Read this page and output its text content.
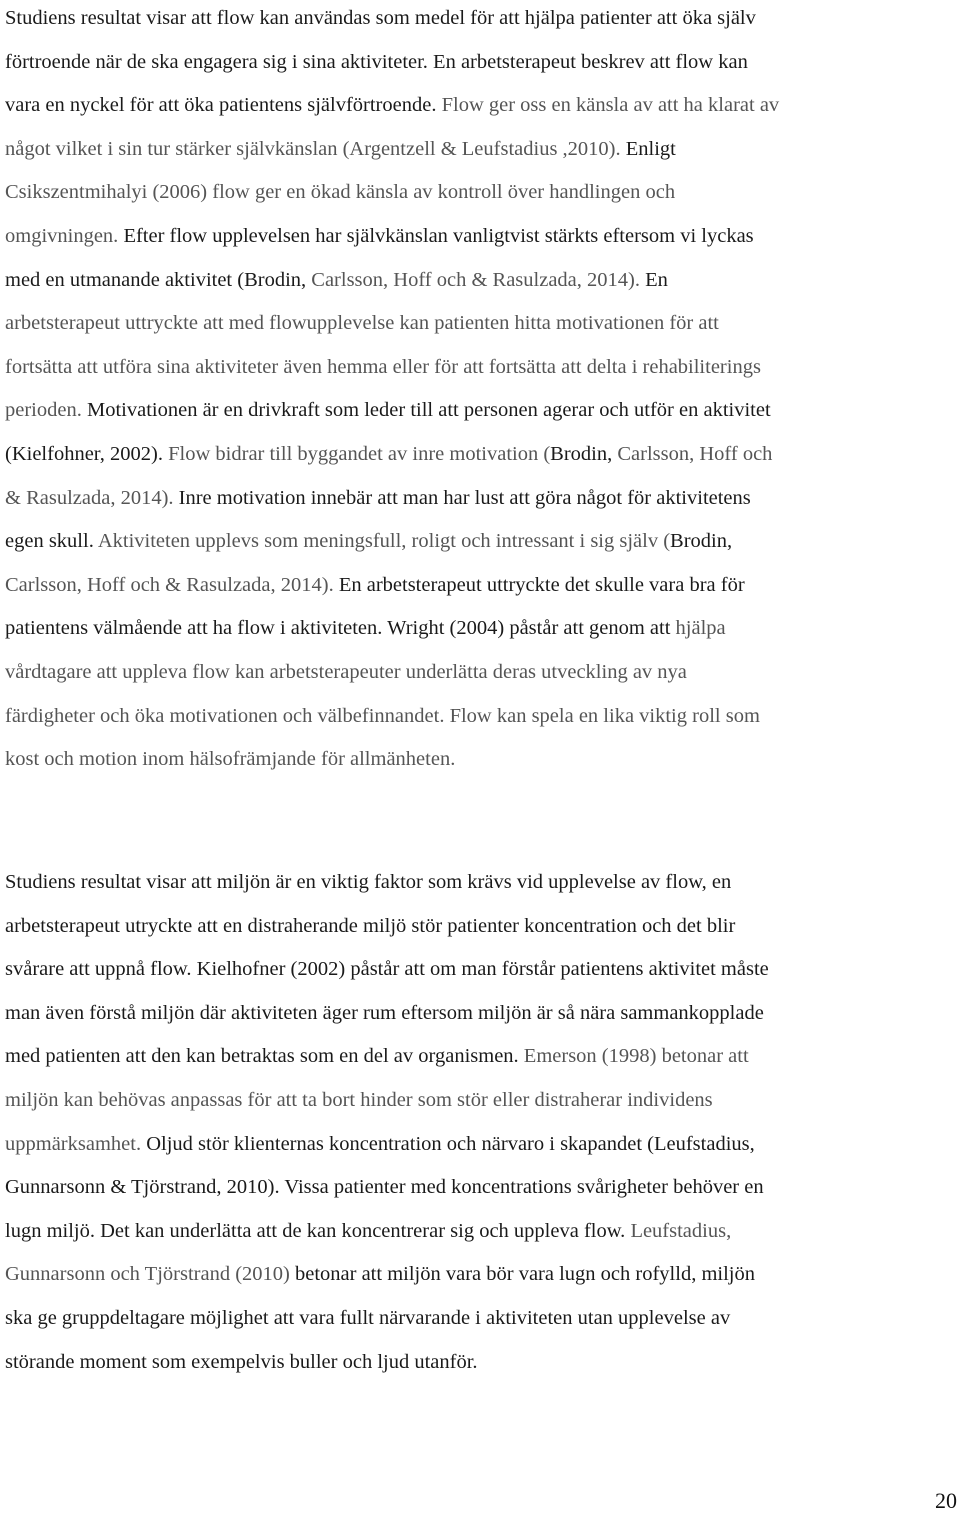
Studiens resultat visar att flow kan användas som medel för att hjälpa patienter att öka själv
förtroende när de ska engagera sig i sina aktiviteter. En arbetsterapeut beskrev att flow kan
vara en nyckel för att öka patientens självförtroende. Flow ger oss en känsla av att ha klarat av
något vilket i sin tur stärker självkänslan (Argentzell & Leufstadius ,2010). Enligt
Csikszentmihalyi (2006) flow ger en ökad känsla av kontroll över handlingen och
omgivningen. Efter flow upplevelsen har självkänslan vanligtvist stärkts eftersom vi lyckas
med en utmanande aktivitet (Brodin, Carlsson, Hoff och & Rasulzada, 2014). En
arbetsterapeut uttryckte att med flowupplevelse kan patienten hitta motivationen för att
fortsätta att utföra sina aktiviteter även hemma eller för att fortsätta att delta i rehabiliterings
perioden. Motivationen är en drivkraft som leder till att personen agerar och utför en aktivitet
(Kielfohner, 2002). Flow bidrar till byggandet av inre motivation (Brodin, Carlsson, Hoff och
& Rasulzada, 2014). Inre motivation innebär att man har lust att göra något för aktivitetens
egen skull. Aktiviteten upplevs som meningsfull, roligt och intressant i sig själv (Brodin,
Carlsson, Hoff och & Rasulzada, 2014). En arbetsterapeut uttryckte det skulle vara bra för
patientens välmående att ha flow i aktiviteten. Wright (2004) påstår att genom att hjälpa
vårdtagare att uppleva flow kan arbetsterapeuter underlätta deras utveckling av nya
färdigheter och öka motivationen och välbefinnandet. Flow kan spela en lika viktig roll som
kost och motion inom hälsofrämjande för allmänheten.

Studiens resultat visar att miljön är en viktig faktor som krävs vid upplevelse av flow, en
arbetsterapeut utryckte att en distraherande miljö stör patienter koncentration och det blir
svårare att uppnå flow. Kielhofner (2002) påstår att om man förstår patientens aktivitet måste
man även förstå miljön där aktiviteten äger rum eftersom miljön är så nära sammankopplade
med patienten att den kan betraktas som en del av organismen. Emerson (1998) betonar att
miljön kan behövas anpassas för att ta bort hinder som stör eller distraherar individens
uppmärksamhet. Oljud stör klienternas koncentration och närvaro i skapandet (Leufstadius,
Gunnarsonn & Tjörstrand, 2010). Vissa patienter med koncentrations svårigheter behöver en
lugn miljö. Det kan underlätta att de kan koncentrerar sig och uppleva flow. Leufstadius,
Gunnarsonn och Tjörstrand (2010) betonar att miljön vara bör vara lugn och rofylld, miljön
ska ge gruppdeltagare möjlighet att vara fullt närvarande i aktiviteten utan upplevelse av
störande moment som exempelvis buller och ljud utanför.

20
